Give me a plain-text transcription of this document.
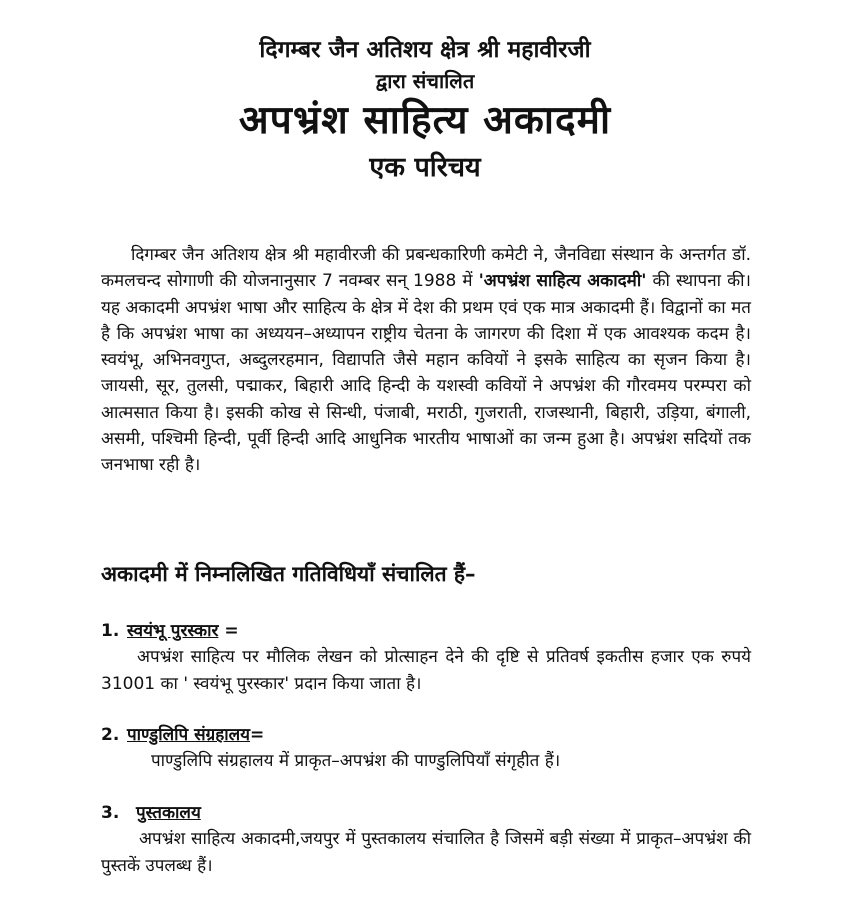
दिगम्बर जैन अतिशय क्षेत्र श्री महावीरजी
द्वारा संचालित
अपभ्रंश साहित्य अकादमी
एक परिचय
दिगम्बर जैन अतिशय क्षेत्र श्री महावीरजी की प्रबन्धकारिणी कमेटी ने, जैनविद्या संस्थान के अन्तर्गत डॉ. कमलचन्द सोगाणी की योजनानुसार 7 नवम्बर सन् 1988 में 'अपभ्रंश साहित्य अकादमी' की स्थापना की। यह अकादमी अपभ्रंश भाषा और साहित्य के क्षेत्र में देश की प्रथम एवं एक मात्र अकादमी हैं। विद्वानों का मत है कि अपभ्रंश भाषा का अध्ययन–अध्यापन राष्ट्रीय चेतना के जागरण की दिशा में एक आवश्यक कदम है। स्वयंभू, अभिनवगुप्त, अब्दुलरहमान, विद्यापति जैसे महान कवियों ने इसके साहित्य का सृजन किया है। जायसी, सूर, तुलसी, पद्माकर, बिहारी आदि हिन्दी के यशस्वी कवियों ने अपभ्रंश की गौरवमय परम्परा को आत्मसात किया है। इसकी कोख से सिन्धी, पंजाबी, मराठी, गुजराती, राजस्थानी, बिहारी, उड़िया, बंगाली, असमी, पश्चिमी हिन्दी, पूर्वी हिन्दी आदि आधुनिक भारतीय भाषाओं का जन्म हुआ है। अपभ्रंश सदियों तक जनभाषा रही है।
अकादमी में निम्नलिखित गतिविधियाँ संचालित हैं–
1. स्वयंभू पुरस्कार =
अपभ्रंश साहित्य पर मौलिक लेखन को प्रोत्साहन देने की दृष्टि से प्रतिवर्ष इकतीस हजार एक रुपये 31001 का ' स्वयंभू पुरस्कार' प्रदान किया जाता है।
2. पाण्डुलिपि संग्रहालय=
पाण्डुलिपि संग्रहालय में प्राकृत–अपभ्रंश की पाण्डुलिपियाँ संगृहीत हैं।
3. पुस्तकालय
अपभ्रंश साहित्य अकादमी,जयपुर में पुस्तकालय संचालित है जिसमें बड़ी संख्या में प्राकृत–अपभ्रंश की पुस्तकें उपलब्ध हैं।
